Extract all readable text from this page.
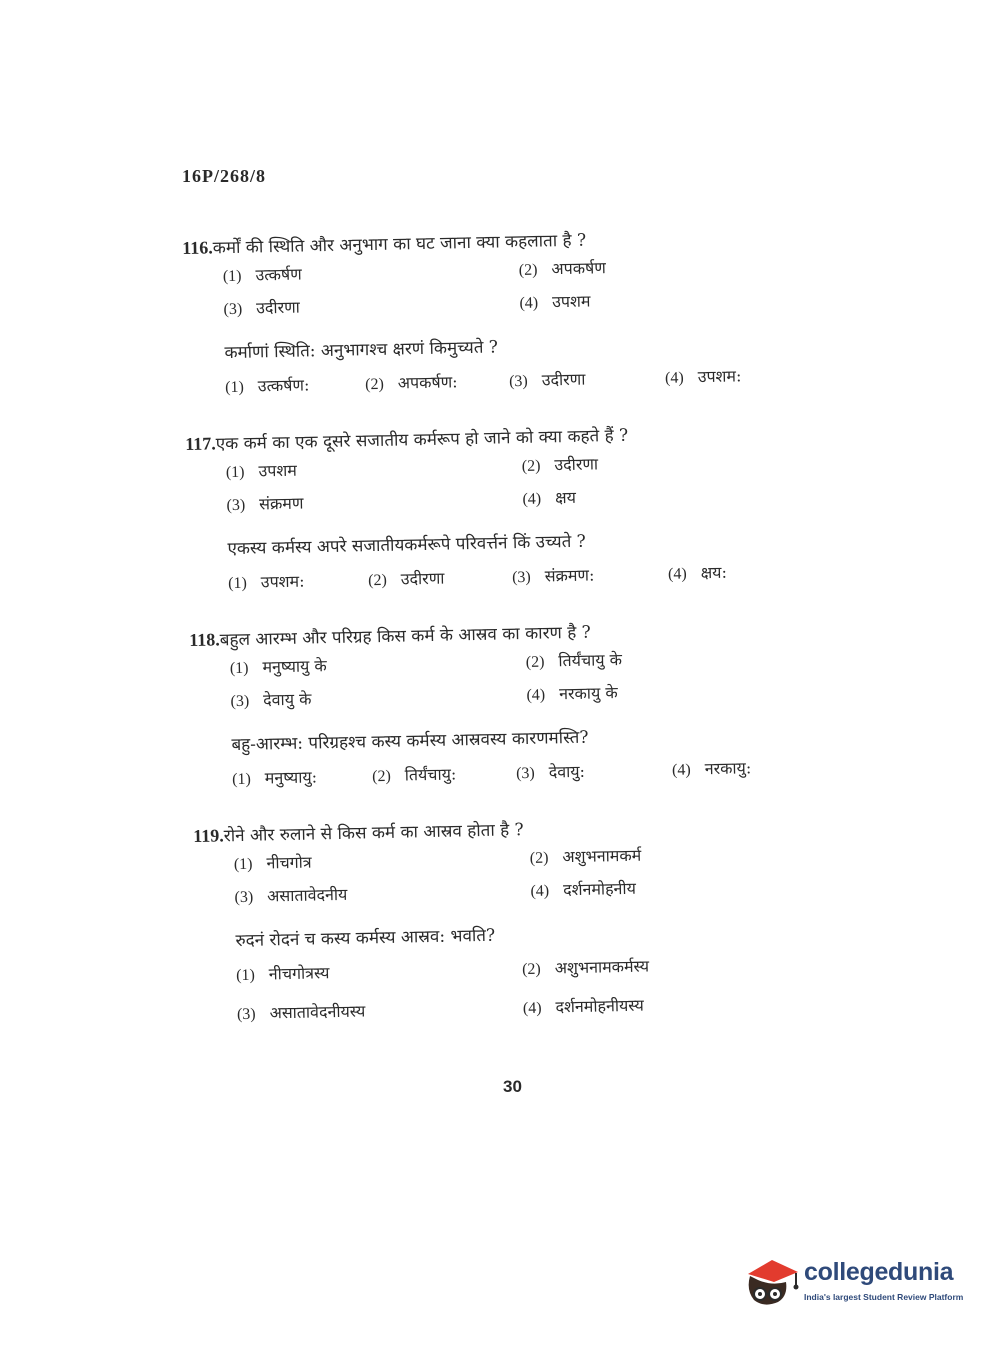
16P/268/8
116.कर्मों की स्थिति और अनुभाग का घट जाना क्या कहलाता है ?
(1) उत्कर्षण	(2) अपकर्षण
(3) उदीरणा	(4) उपशम
कर्माणां स्थिति: अनुभागश्च क्षरणं किमुच्यते ?
(1) उत्कर्षण:	(2) अपकर्षण:	(3) उदीरणा	(4) उपशम:
117.एक कर्म का एक दूसरे सजातीय कर्मरूप हो जाने को क्या कहते हैं ?
(1) उपशम	(2) उदीरणा
(3) संक्रमण	(4) क्षय
एकस्य कर्मस्य अपरे सजातीयकर्मरूपे परिवर्त्तनं किं उच्यते ?
(1) उपशम:	(2) उदीरणा	(3) संक्रमण:	(4) क्षय:
118.बहुल आरम्भ और परिग्रह किस कर्म के आस्रव का कारण है ?
(1) मनुष्यायु के	(2) तिर्यंचायु के
(3) देवायु के	(4) नरकायु के
बहु-आरम्भ: परिग्रहश्च कस्य कर्मस्य आस्रवस्य कारणमस्ति?
(1) मनुष्यायु:	(2) तिर्यंचायु:	(3) देवायु:	(4) नरकायु:
119.रोने और रुलाने से किस कर्म का आस्रव होता है ?
(1) नीचगोत्र	(2) अशुभनामकर्म
(3) असातावेदनीय	(4) दर्शनमोहनीय
रुदनं रोदनं च कस्य कर्मस्य आस्रव: भवति?
(1) नीचगोत्रस्य	(2) अशुभनामकर्मस्य
(3) असातावेदनीयस्य	(4) दर्शनमोहनीयस्य
30
collegedunia
India's largest Student Review Platform
